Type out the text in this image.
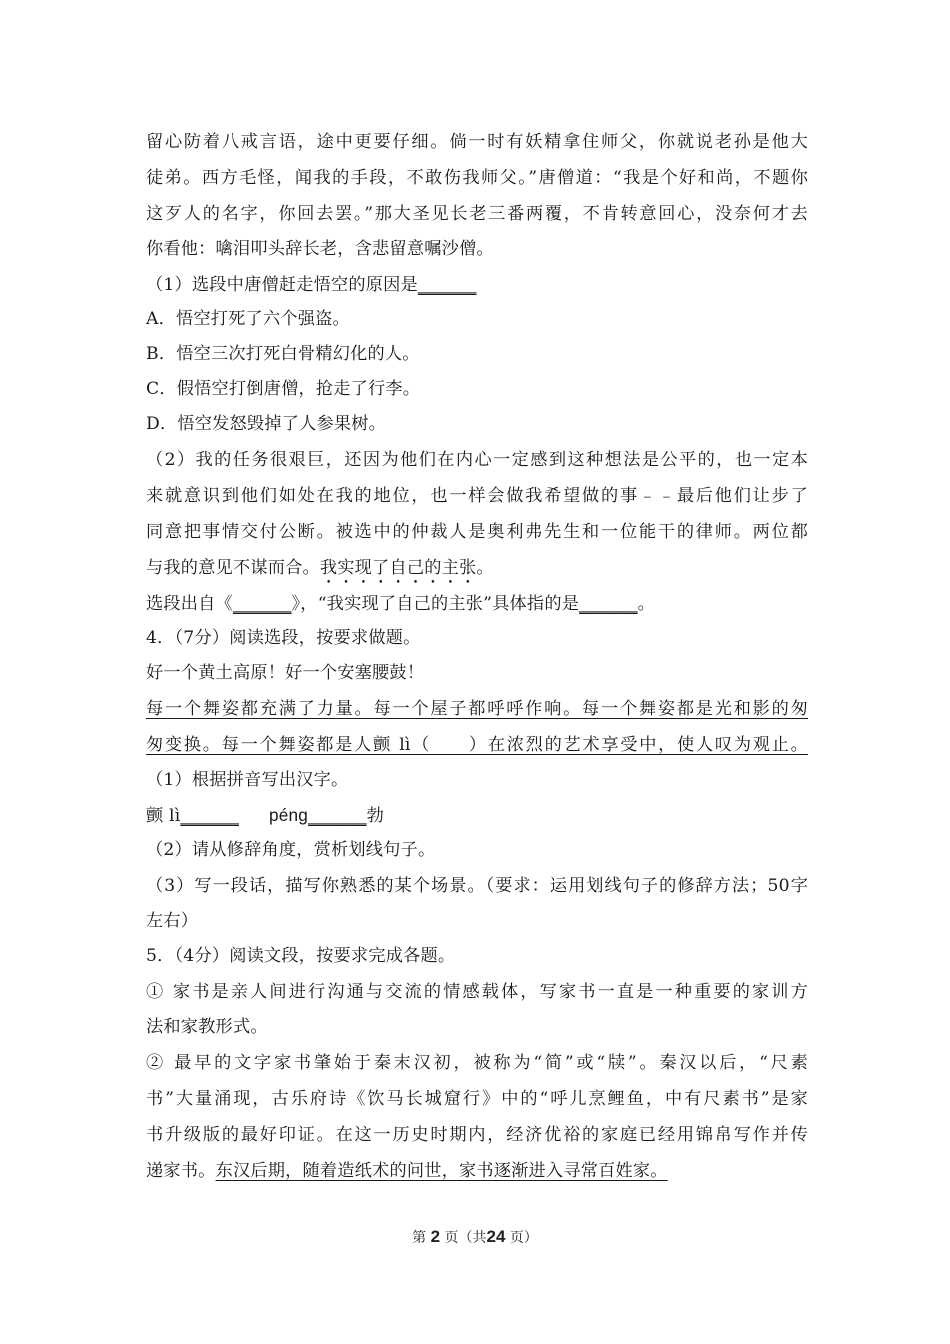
留心防着八戒言语，途中更要仔细。倘一时有妖精拿住师父，你就说老孙是他大
徒弟。西方毛怪，闻我的手段，不敢伤我师父。”唐僧道：“我是个好和尚，不题你
这歹人的名字，你回去罢。”那大圣见长老三番两覆，不肯转意回心，没奈何才去
你看他：噙泪叩头辞长老，含悲留意嘱沙僧。
（1）选段中唐僧赶走悟空的原因是______
A．悟空打死了六个强盗。
B．悟空三次打死白骨精幻化的人。
C．假悟空打倒唐僧，抢走了行李。
D．悟空发怒毁掉了人参果树。
（2）我的任务很艰巨，还因为他们在内心一定感到这种想法是公平的，也一定本
来就意识到他们如处在我的地位，也一样会做我希望做的事﹣﹣最后他们让步了
同意把事情交付公断。被选中的仲裁人是奥利弗先生和一位能干的律师。两位都
与我的意见不谋而合。我实现了自己的主张。
选段出自《______》，“我实现了自己的主张”具体指的是______。
4．（7分）阅读选段，按要求做题。
好一个黄土高原！好一个安塞腰鼓！
每一个舞姿都充满了力量。每一个屋子都呼呼作响。每一个舞姿都是光和影的匆
匆变换。每一个舞姿都是人颤 lì（　　）在浓烈的艺术享受中，使人叹为观止。
（1）根据拼音写出汉字。
颤 lì______ péng______勃
（2）请从修辞角度，赏析划线句子。
（3）写一段话，描写你熟悉的某个场景。（要求：运用划线句子的修辞方法；50字
左右）
5．（4分）阅读文段，按要求完成各题。
① 家书是亲人间进行沟通与交流的情感载体，写家书一直是一种重要的家训方
法和家教形式。
② 最早的文字家书肇始于秦末汉初，被称为“简”或“牍”。秦汉以后，“尺素
书”大量涌现，古乐府诗《饮马长城窟行》中的“呼儿烹鲤鱼，中有尺素书”是家
书升级版的最好印证。在这一历史时期内，经济优裕的家庭已经用锦帛写作并传
递家书。东汉后期，随着造纸术的问世，家书逐渐进入寻常百姓家。
第 2 页（共24 页）
